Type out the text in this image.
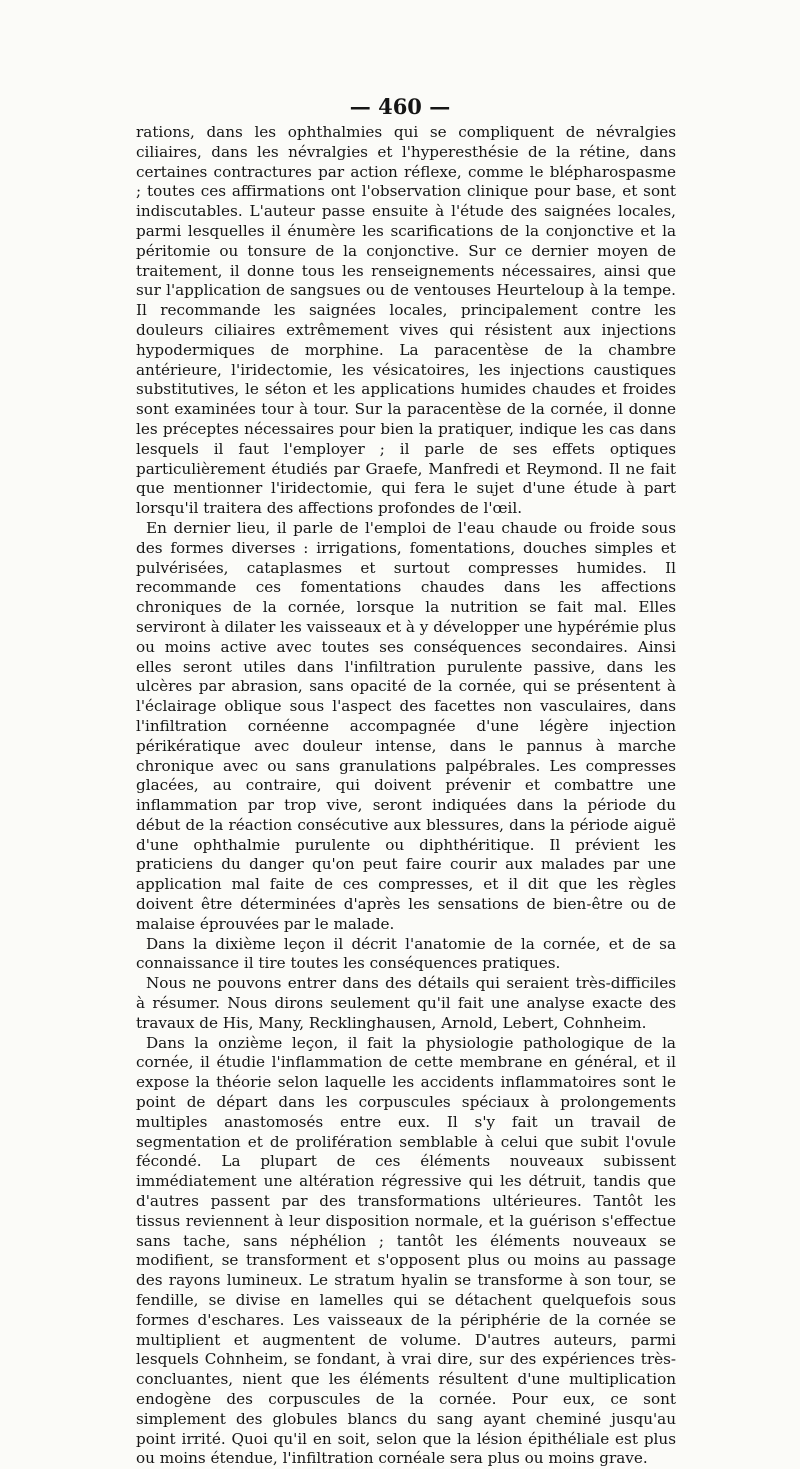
— 460 —

rations, dans les ophthalmies qui se compliquent de névralgies ciliaires, dans les névralgies et l'hyperesthésie de la rétine, dans certaines contractures par action réflexe, comme le blépharospasme ; toutes ces affirmations ont l'observation clinique pour base, et sont indiscutables. L'auteur passe ensuite à l'étude des saignées locales, parmi lesquelles il énumère les scarifications de la conjonctive et la péritomie ou tonsure de la conjonctive. Sur ce dernier moyen de traitement, il donne tous les renseignements nécessaires, ainsi que sur l'application de sangsues ou de ventouses Heurteloup à la tempe. Il recommande les saignées locales, principalement contre les douleurs ciliaires extrêmement vives qui résistent aux injections hypodermiques de morphine. La paracentèse de la chambre antérieure, l'iridectomie, les vésicatoires, les injections caustiques substitutives, le séton et les applications humides chaudes et froides sont examinées tour à tour. Sur la paracentèse de la cornée, il donne les préceptes nécessaires pour bien la pratiquer, indique les cas dans lesquels il faut l'employer ; il parle de ses effets optiques particulièrement étudiés par Graefe, Manfredi et Reymond. Il ne fait que mentionner l'iridectomie, qui fera le sujet d'une étude à part lorsqu'il traitera des affections profondes de l'œil.

En dernier lieu, il parle de l'emploi de l'eau chaude ou froide sous des formes diverses : irrigations, fomentations, douches simples et pulvérisées, cataplasmes et surtout compresses humides. Il recommande ces fomentations chaudes dans les affections chroniques de la cornée, lorsque la nutrition se fait mal. Elles serviront à dilater les vaisseaux et à y développer une hypérémie plus ou moins active avec toutes ses conséquences secondaires. Ainsi elles seront utiles dans l'infiltration purulente passive, dans les ulcères par abrasion, sans opacité de la cornée, qui se présentent à l'éclairage oblique sous l'aspect des facettes non vasculaires, dans l'infiltration cornéenne accompagnée d'une légère injection périkératique avec douleur intense, dans le pannus à marche chronique avec ou sans granulations palpébrales. Les compresses glacées, au contraire, qui doivent prévenir et combattre une inflammation par trop vive, seront indiquées dans la période du début de la réaction consécutive aux blessures, dans la période aiguë d'une ophthalmie purulente ou diphthéritique. Il prévient les praticiens du danger qu'on peut faire courir aux malades par une application mal faite de ces compresses, et il dit que les règles doivent être déterminées d'après les sensations de bien-être ou de malaise éprouvées par le malade.

Dans la dixième leçon il décrit l'anatomie de la cornée, et de sa connaissance il tire toutes les conséquences pratiques.

Nous ne pouvons entrer dans des détails qui seraient très-difficiles à résumer. Nous dirons seulement qu'il fait une analyse exacte des travaux de His, Many, Recklinghausen, Arnold, Lebert, Cohnheim.

Dans la onzième leçon, il fait la physiologie pathologique de la cornée, il étudie l'inflammation de cette membrane en général, et il expose la théorie selon laquelle les accidents inflammatoires sont le point de départ dans les corpuscules spéciaux à prolongements multiples anastomosés entre eux. Il s'y fait un travail de segmentation et de prolifération semblable à celui que subit l'ovule fécondé. La plupart de ces éléments nouveaux subissent immédiatement une altération régressive qui les détruit, tandis que d'autres passent par des transformations ultérieures. Tantôt les tissus reviennent à leur disposition normale, et la guérison s'effectue sans tache, sans néphélion ; tantôt les éléments nouveaux se modifient, se transforment et s'opposent plus ou moins au passage des rayons lumineux. Le stratum hyalin se transforme à son tour, se fendille, se divise en lamelles qui se détachent quelquefois sous formes d'eschares. Les vaisseaux de la périphérie de la cornée se multiplient et augmentent de volume. D'autres auteurs, parmi lesquels Cohnheim, se fondant, à vrai dire, sur des expériences très-concluantes, nient que les éléments résultent d'une multiplication endogène des corpuscules de la cornée. Pour eux, ce sont simplement des globules blancs du sang ayant cheminé jusqu'au point irrité. Quoi qu'il en soit, selon que la lésion épithéliale est plus ou moins étendue, l'infiltration cornéale sera plus ou moins grave.
